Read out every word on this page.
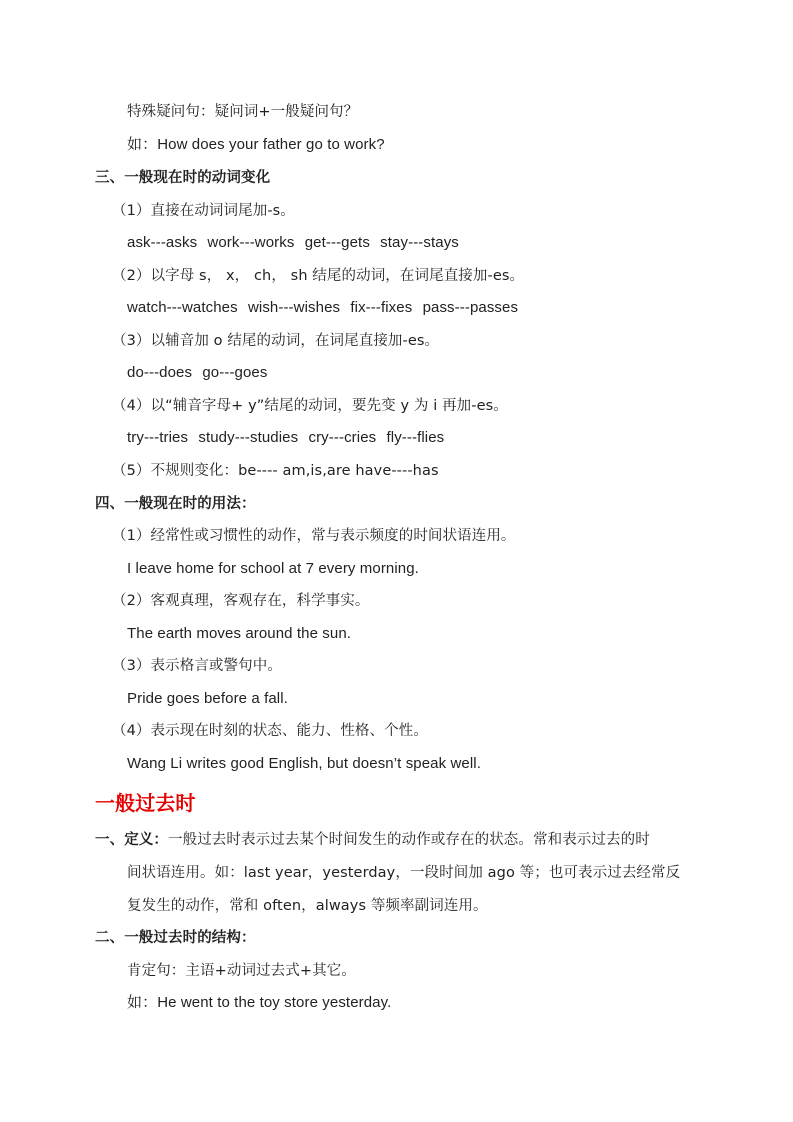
特殊疑问句：疑问词+一般疑问句？
如：How does your father go to work?
三、一般现在时的动词变化
（1）直接在动词词尾加-s。
ask---asks work---works get---gets stay---stays
（2）以字母 s， x， ch， sh 结尾的动词，在词尾直接加-es。
watch---watches wish---wishes fix---fixes pass---passes
（3）以辅音加 o 结尾的动词，在词尾直接加-es。
do---does go---goes
（4）以“辅音字母+ y”结尾的动词，要先变 y 为 i 再加-es。
try---tries study---studies cry---cries fly---flies
（5）不规则变化：be---- am,is,are have----has
四、一般现在时的用法：
（1）经常性或习惯性的动作，常与表示频度的时间状语连用。
I leave home for school at 7 every morning.
（2）客观真理，客观存在，科学事实。
The earth moves around the sun.
（3）表示格言或警句中。
Pride goes before a fall.
（4）表示现在时刻的状态、能力、性格、个性。
Wang Li writes good English, but doesn’t speak well.
一般过去时
一、定义：一般过去时表示过去某个时间发生的动作或存在的状态。常和表示过去的时
间状语连用。如：last year，yesterday，一段时间加 ago 等；也可表示过去经常反
复发生的动作，常和 often，always 等频率副词连用。
二、一般过去时的结构：
肯定句：主语+动词过去式+其它。
如：He went to the toy store yesterday.
